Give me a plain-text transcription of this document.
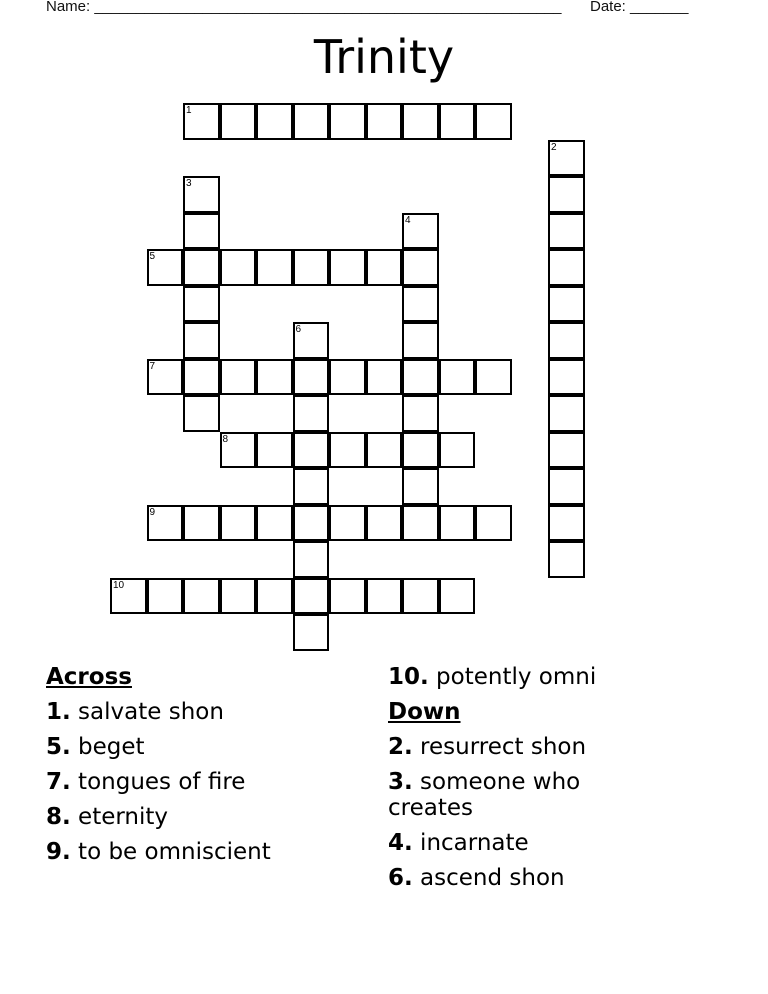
Name: ________________________________________________________ Date: _______
Trinity
1
2
3
4
5
6
7
8
9
10
Across
1. salvate shon
5. beget
7. tongues of fire
8. eternity
9. to be omniscient
10. potently omni
Down
2. resurrect shon
3. someone who creates
4. incarnate
6. ascend shon
